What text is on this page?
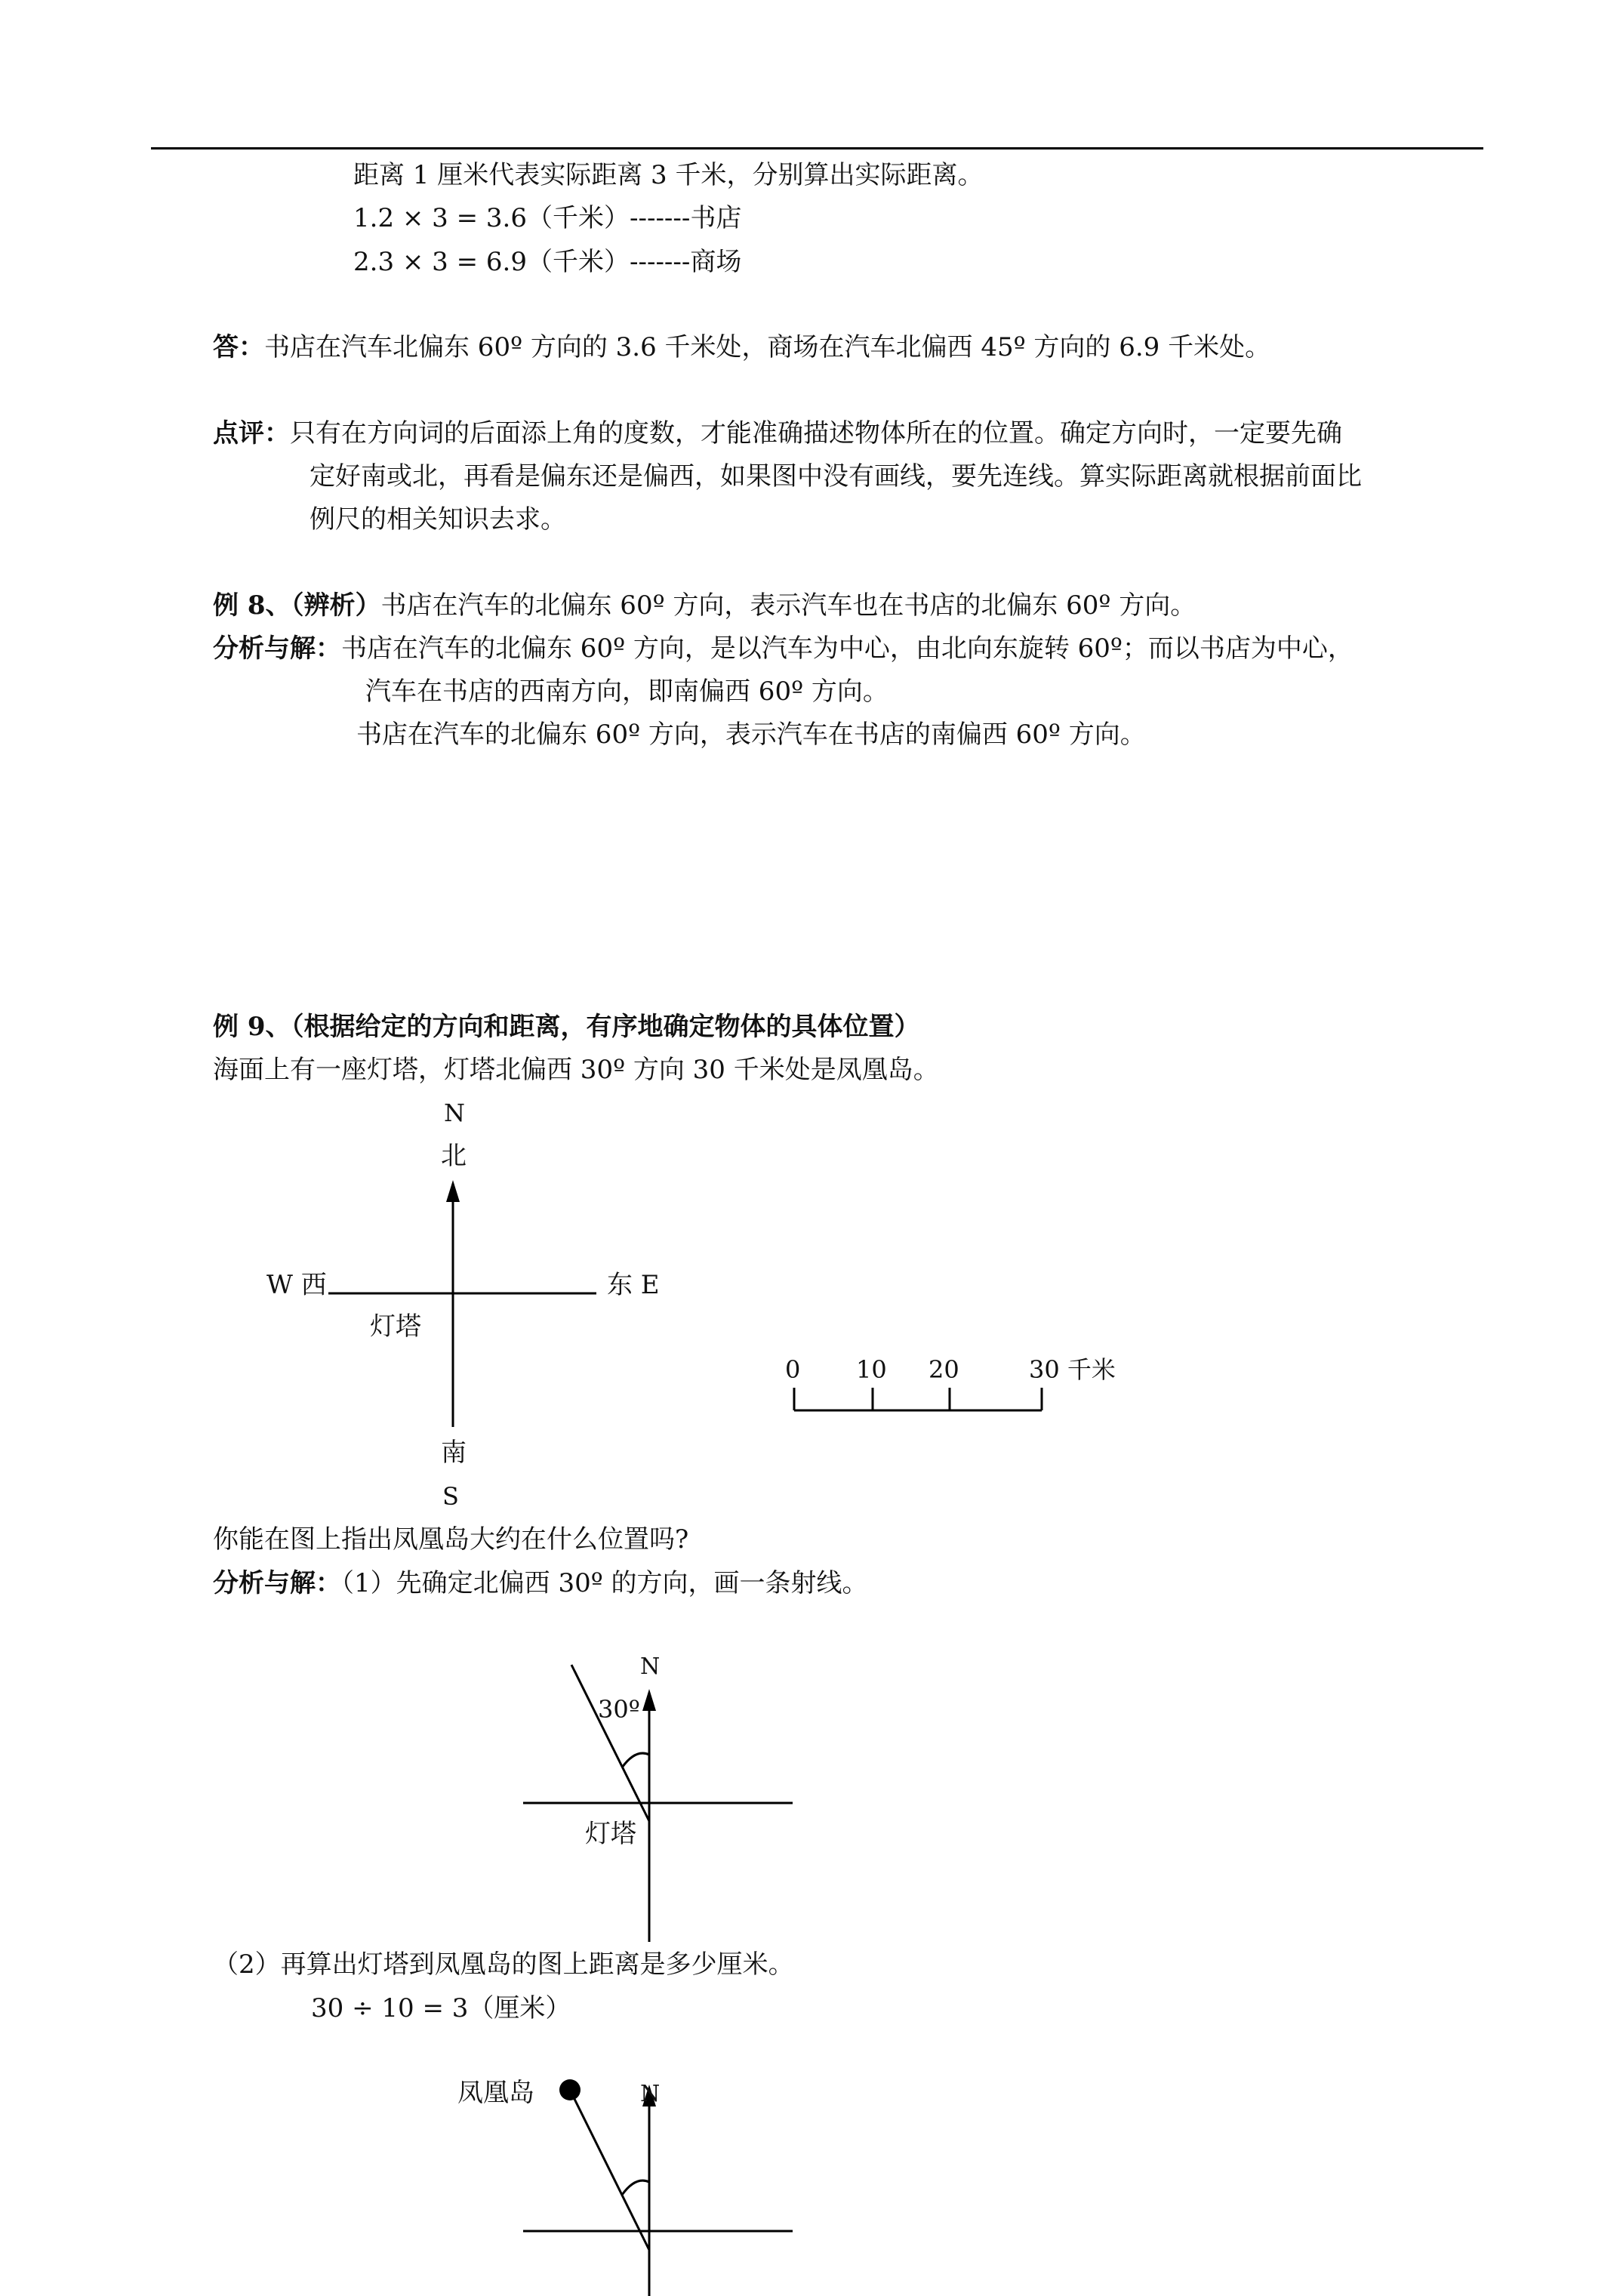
距离 1 厘米代表实际距离 3 千米，分别算出实际距离。
1.2 × 3 = 3.6（千米）-------书店
2.3 × 3 = 6.9（千米）-------商场
答：书店在汽车北偏东 60º 方向的 3.6 千米处，商场在汽车北偏西 45º 方向的 6.9 千米处。
点评：只有在方向词的后面添上角的度数，才能准确描述物体所在的位置。确定方向时，一定要先确
定好南或北，再看是偏东还是偏西，如果图中没有画线，要先连线。算实际距离就根据前面比
例尺的相关知识去求。
例 8、（辨析）书店在汽车的北偏东 60º 方向，表示汽车也在书店的北偏东 60º 方向。
分析与解：书店在汽车的北偏东 60º 方向，是以汽车为中心，由北向东旋转 60º；而以书店为中心，
汽车在书店的西南方向，即南偏西 60º 方向。
书店在汽车的北偏东 60º 方向，表示汽车在书店的南偏西 60º 方向。
例 9、（根据给定的方向和距离，有序地确定物体的具体位置）
海面上有一座灯塔，灯塔北偏西 30º 方向 30 千米处是凤凰岛。
N
北
W 西	东 E
灯塔
南
S
0 10 20	30 千米
N
30º
灯塔
N
凤凰岛
你能在图上指出凤凰岛大约在什么位置吗?
分析与解：（1）先确定北偏西 30º 的方向，画一条射线。
（2）再算出灯塔到凤凰岛的图上距离是多少厘米。
30 ÷ 10 = 3（厘米）
